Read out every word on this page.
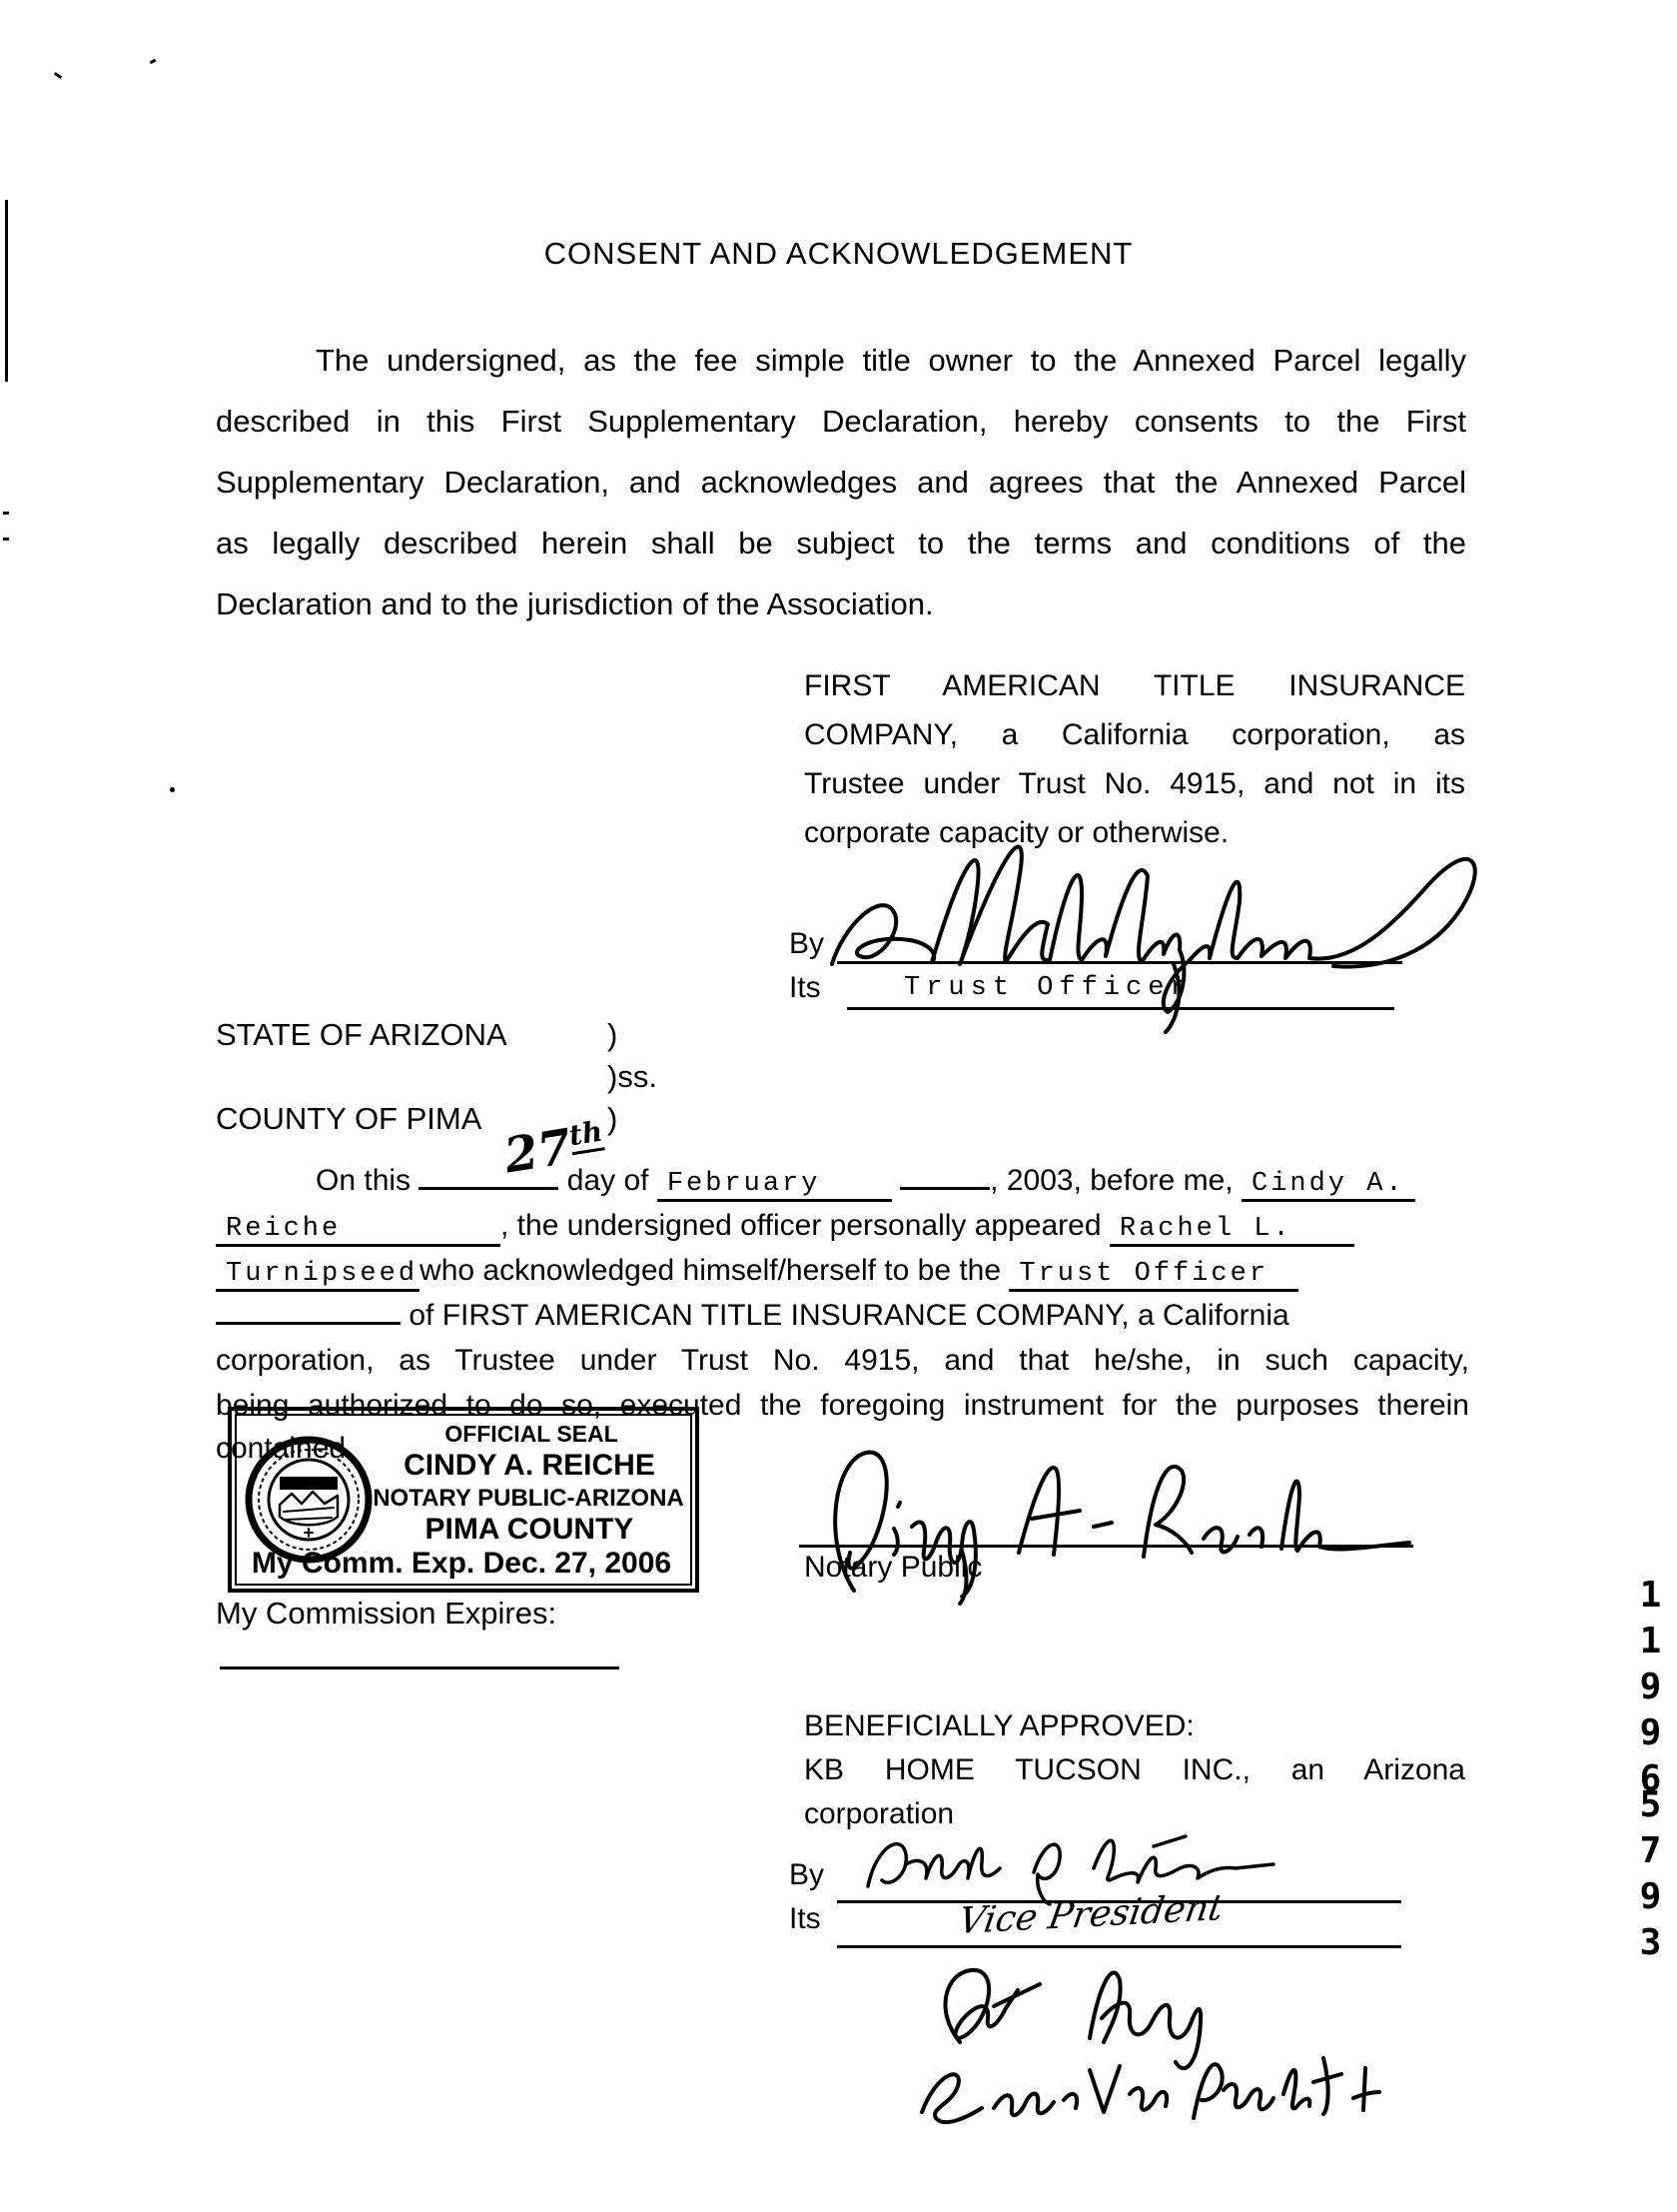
CONSENT AND ACKNOWLEDGEMENT
The undersigned, as the fee simple title owner to the Annexed Parcel legally
described in this First Supplementary Declaration, hereby consents to the First
Supplementary Declaration, and acknowledges and agrees that the Annexed Parcel
as legally described herein shall be subject to the terms and conditions of the
Declaration and to the jurisdiction of the Association.
FIRST AMERICAN TITLE INSURANCE
COMPANY, a California corporation, as
Trustee under Trust No. 4915, and not in its
corporate capacity or otherwise.
By
Its	Trust Officer
STATE OF ARIZONA	)
)ss.
COUNTY OF PIMA	)
On this	day of February	, 2003, before me, Cindy A.
Reiche	, the undersigned officer personally appeared Rachel L.
Turnipseedwho acknowledged himself/herself to be the Trust Officer
of FIRST AMERICAN TITLE INSURANCE COMPANY, a California
corporation, as Trustee under Trust No. 4915, and that he/she, in such capacity,
being authorized to do so, executed the foregoing instrument for the purposes therein
contained.
27th
OFFICIAL SEAL
CINDY A. REICHE
NOTARY PUBLIC-ARIZONA
PIMA COUNTY
My Comm. Exp. Dec. 27, 2006	Notary Public
My Commission Expires:	11996
5793
BENEFICIALLY APPROVED:
KB HOME TUCSON INC., an Arizona
corporation
By
Its	Vice President
